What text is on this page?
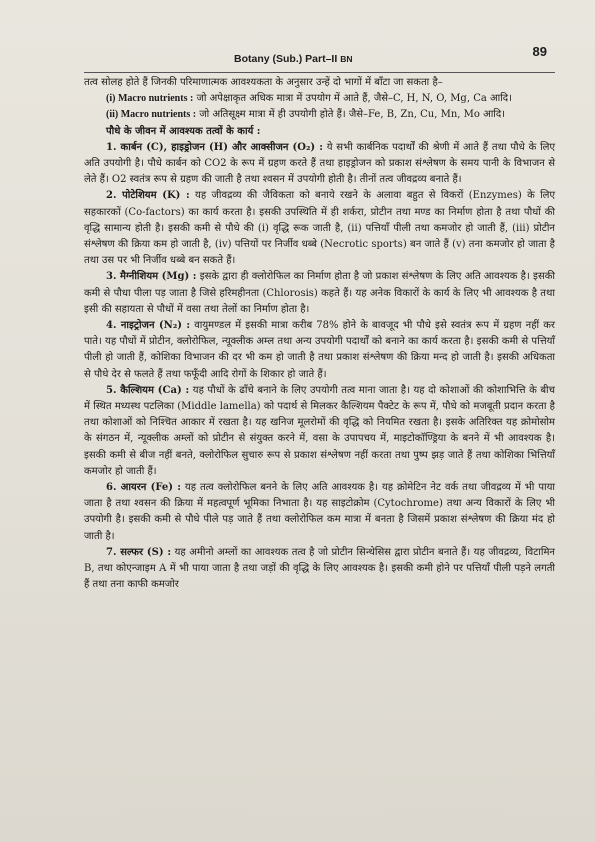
Botany (Sub.) Part–II BN	89

तत्व सोलह होते हैं जिनकी परिमाणात्मक आवश्यकता के अनुसार उन्हें दो भागों में बाँटा जा सकता है–

(i) Macro nutrients : जो अपेक्षाकृत अधिक मात्रा में उपयोग में आते हैं, जैसे–C, H, N, O, Mg, Ca आदि।

(ii) Macro nutrients : जो अतिसूक्ष्म मात्रा में ही उपयोगी होते हैं। जैसे–Fe, B, Zn, Cu, Mn, Mo आदि।

पौधे के जीवन में आवश्यक तत्वों के कार्य :

1. कार्बन (C), हाइड्रोजन (H) और आक्सीजन (O₂) : ये सभी कार्बनिक पदार्थों की श्रेणी में आते हैं तथा पौधे के लिए अति उपयोगी है। पौधे कार्बन को CO2 के रूप में ग्रहण करते हैं तथा हाइड्रोजन को प्रकाश संश्लेषण के समय पानी के विभाजन से लेते हैं। O2 स्वतंत्र रूप से ग्रहण की जाती है तथा श्वसन में उपयोगी होती है। तीनों तत्व जीवद्रव्य बनाते हैं।

2. पोटेशियम (K) : यह जीवद्रव्य की जैविकता को बनाये रखने के अलावा बहुत से विकरों (Enzymes) के लिए सहकारकों (Co-factors) का कार्य करता है। इसकी उपस्थिति में ही शर्करा, प्रोटीन तथा मण्ड का निर्माण होता है तथा पौधों की वृद्धि सामान्य होती है। इसकी कमी से पौधे की (i) वृद्धि रूक जाती है, (ii) पत्तियाँ पीली तथा कमजोर हो जाती हैं, (iii) प्रोटीन संश्लेषण की क्रिया कम हो जाती है, (iv) पत्तियों पर निर्जीव धब्बे (Necrotic sports) बन जाते हैं (v) तना कमजोर हो जाता है तथा उस पर भी निर्जीव धब्बे बन सकते हैं।

3. मैग्नीशियम (Mg) : इसके द्वारा ही क्लोरोफिल का निर्माण होता है जो प्रकाश संश्लेषण के लिए अति आवश्यक है। इसकी कमी से पौधा पीला पड़ जाता है जिसे हरिमहीनता (Chlorosis) कहते हैं। यह अनेक विकारों के कार्य के लिए भी आवश्यक है तथा इसी की सहायता से पौधों में वसा तथा तेलों का निर्माण होता है।

4. नाइट्रोजन (N₂) : वायुमण्डल में इसकी मात्रा करीब 78% होने के बावजूद भी पौधे इसे स्वतंत्र रूप में ग्रहण नहीं कर पाते। यह पौधों में प्रोटीन, क्लोरोफिल, न्यूक्लीक अम्ल तथा अन्य उपयोगी पदार्थों को बनाने का कार्य करता है। इसकी कमी से पत्तियाँ पीली हो जाती हैं, कोशिका विभाजन की दर भी कम हो जाती है तथा प्रकाश संश्लेषण की क्रिया मन्द हो जाती है। इसकी अधिकता से पौधे देर से फलते हैं तथा फफूँदी आदि रोगों के शिकार हो जाते हैं।

5. कैल्शियम (Ca) : यह पौधों के ढाँचे बनाने के लिए उपयोगी तत्व माना जाता है। यह दो कोशाओं की कोशाभित्ति के बीच में स्थित मध्यस्थ पटलिका (Middle lamella) को पदार्थ से मिलकर कैल्शियम पैक्टेट के रूप में, पौधे को मजबूती प्रदान करता है तथा कोशाओं को निश्चित आकार में रखता है। यह खनिज मूलरोमों की वृद्धि को नियमित रखता है। इसके अतिरिक्त यह क्रोमोसोम के संगठन में, न्यूक्लीक अम्लों को प्रोटीन से संयुक्त करने में, वसा के उपापचय में, माइटोकॉण्ड्रिया के बनने में भी आवश्यक है। इसकी कमी से बीज नहीं बनते, क्लोरोफिल सुचारु रूप से प्रकाश संश्लेषण नहीं करता तथा पुष्प झड़ जाते हैं तथा कोशिका भित्तियाँ कमजोर हो जाती हैं।

6. आयरन (Fe) : यह तत्व क्लोरोफिल बनने के लिए अति आवश्यक है। यह क्रोमेटिन नेट वर्क तथा जीवद्रव्य में भी पाया जाता है तथा श्वसन की क्रिया में महत्वपूर्ण भूमिका निभाता है। यह साइटोक्रोम (Cytochrome) तथा अन्य विकारों के लिए भी उपयोगी है। इसकी कमी से पौधे पीले पड़ जाते हैं तथा क्लोरोफिल कम मात्रा में बनता है जिसमें प्रकाश संश्लेषण की क्रिया मंद हो जाती है।

7. सल्फर (S) : यह अमीनो अम्लों का आवश्यक तत्व है जो प्रोटीन सिन्थेसिस द्वारा प्रोटीन बनाते हैं। यह जीवद्रव्य, विटामिन B, तथा कोएन्जाइम A में भी पाया जाता है तथा जड़ों की वृद्धि के लिए आवश्यक है। इसकी कमी होने पर पत्तियाँ पीली पड़ने लगती हैं तथा तना काफी कमजोर
